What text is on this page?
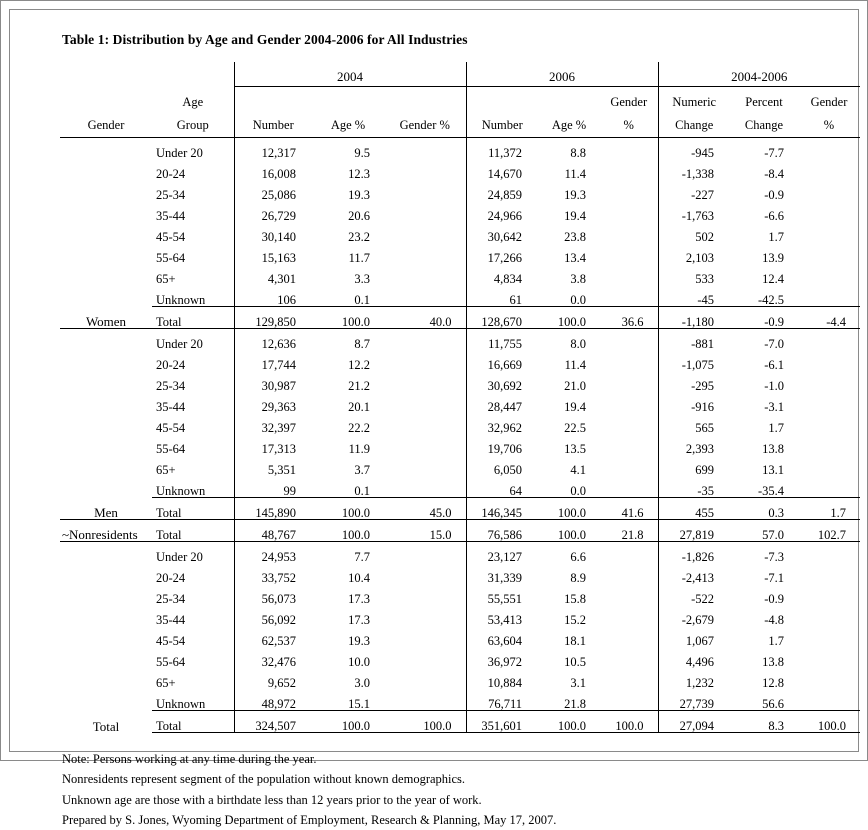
Table 1: Distribution by Age and Gender 2004-2006 for All Industries
		2004			2006			2004-2006		
	Age						Gender	Numeric	Percent	Gender
Gender	Group	Number	Age %	Gender %	Number	Age %	%	Change	Change	%

Women	Under 20	12,317	9.5		11,372	8.8		-945	-7.7	
	20-24	16,008	12.3		14,670	11.4		-1,338	-8.4	
	25-34	25,086	19.3		24,859	19.3		-227	-0.9	
	35-44	26,729	20.6		24,966	19.4		-1,763	-6.6	
	45-54	30,140	23.2		30,642	23.8		502	1.7	
	55-64	15,163	11.7		17,266	13.4		2,103	13.9	
	65+	4,301	3.3		4,834	3.8		533	12.4	
	Unknown	106	0.1		61	0.0		-45	-42.5	
	Total	129,850	100.0	40.0	128,670	100.0	36.6	-1,180	-0.9	-4.4
Men	Under 20	12,636	8.7		11,755	8.0		-881	-7.0	
	20-24	17,744	12.2		16,669	11.4		-1,075	-6.1	
	25-34	30,987	21.2		30,692	21.0		-295	-1.0	
	35-44	29,363	20.1		28,447	19.4		-916	-3.1	
	45-54	32,397	22.2		32,962	22.5		565	1.7	
	55-64	17,313	11.9		19,706	13.5		2,393	13.8	
	65+	5,351	3.7		6,050	4.1		699	13.1	
	Unknown	99	0.1		64	0.0		-35	-35.4	
	Total	145,890	100.0	45.0	146,345	100.0	41.6	455	0.3	1.7
~Nonresidents	Total	48,767	100.0	15.0	76,586	100.0	21.8	27,819	57.0	102.7
Total	Under 20	24,953	7.7		23,127	6.6		-1,826	-7.3	
	20-24	33,752	10.4		31,339	8.9		-2,413	-7.1	
	25-34	56,073	17.3		55,551	15.8		-522	-0.9	
	35-44	56,092	17.3		53,413	15.2		-2,679	-4.8	
	45-54	62,537	19.3		63,604	18.1		1,067	1.7	
	55-64	32,476	10.0		36,972	10.5		4,496	13.8	
	65+	9,652	3.0		10,884	3.1		1,232	12.8	
	Unknown	48,972	15.1		76,711	21.8		27,739	56.6	
	Total	324,507	100.0	100.0	351,601	100.0	100.0	27,094	8.3	100.0
Note: Persons working at any time during the year.
Nonresidents represent segment of the population without known demographics.
Unknown age are those with a birthdate less than 12 years prior to the year of work.
Prepared by S. Jones, Wyoming Department of Employment, Research & Planning, May 17, 2007.
